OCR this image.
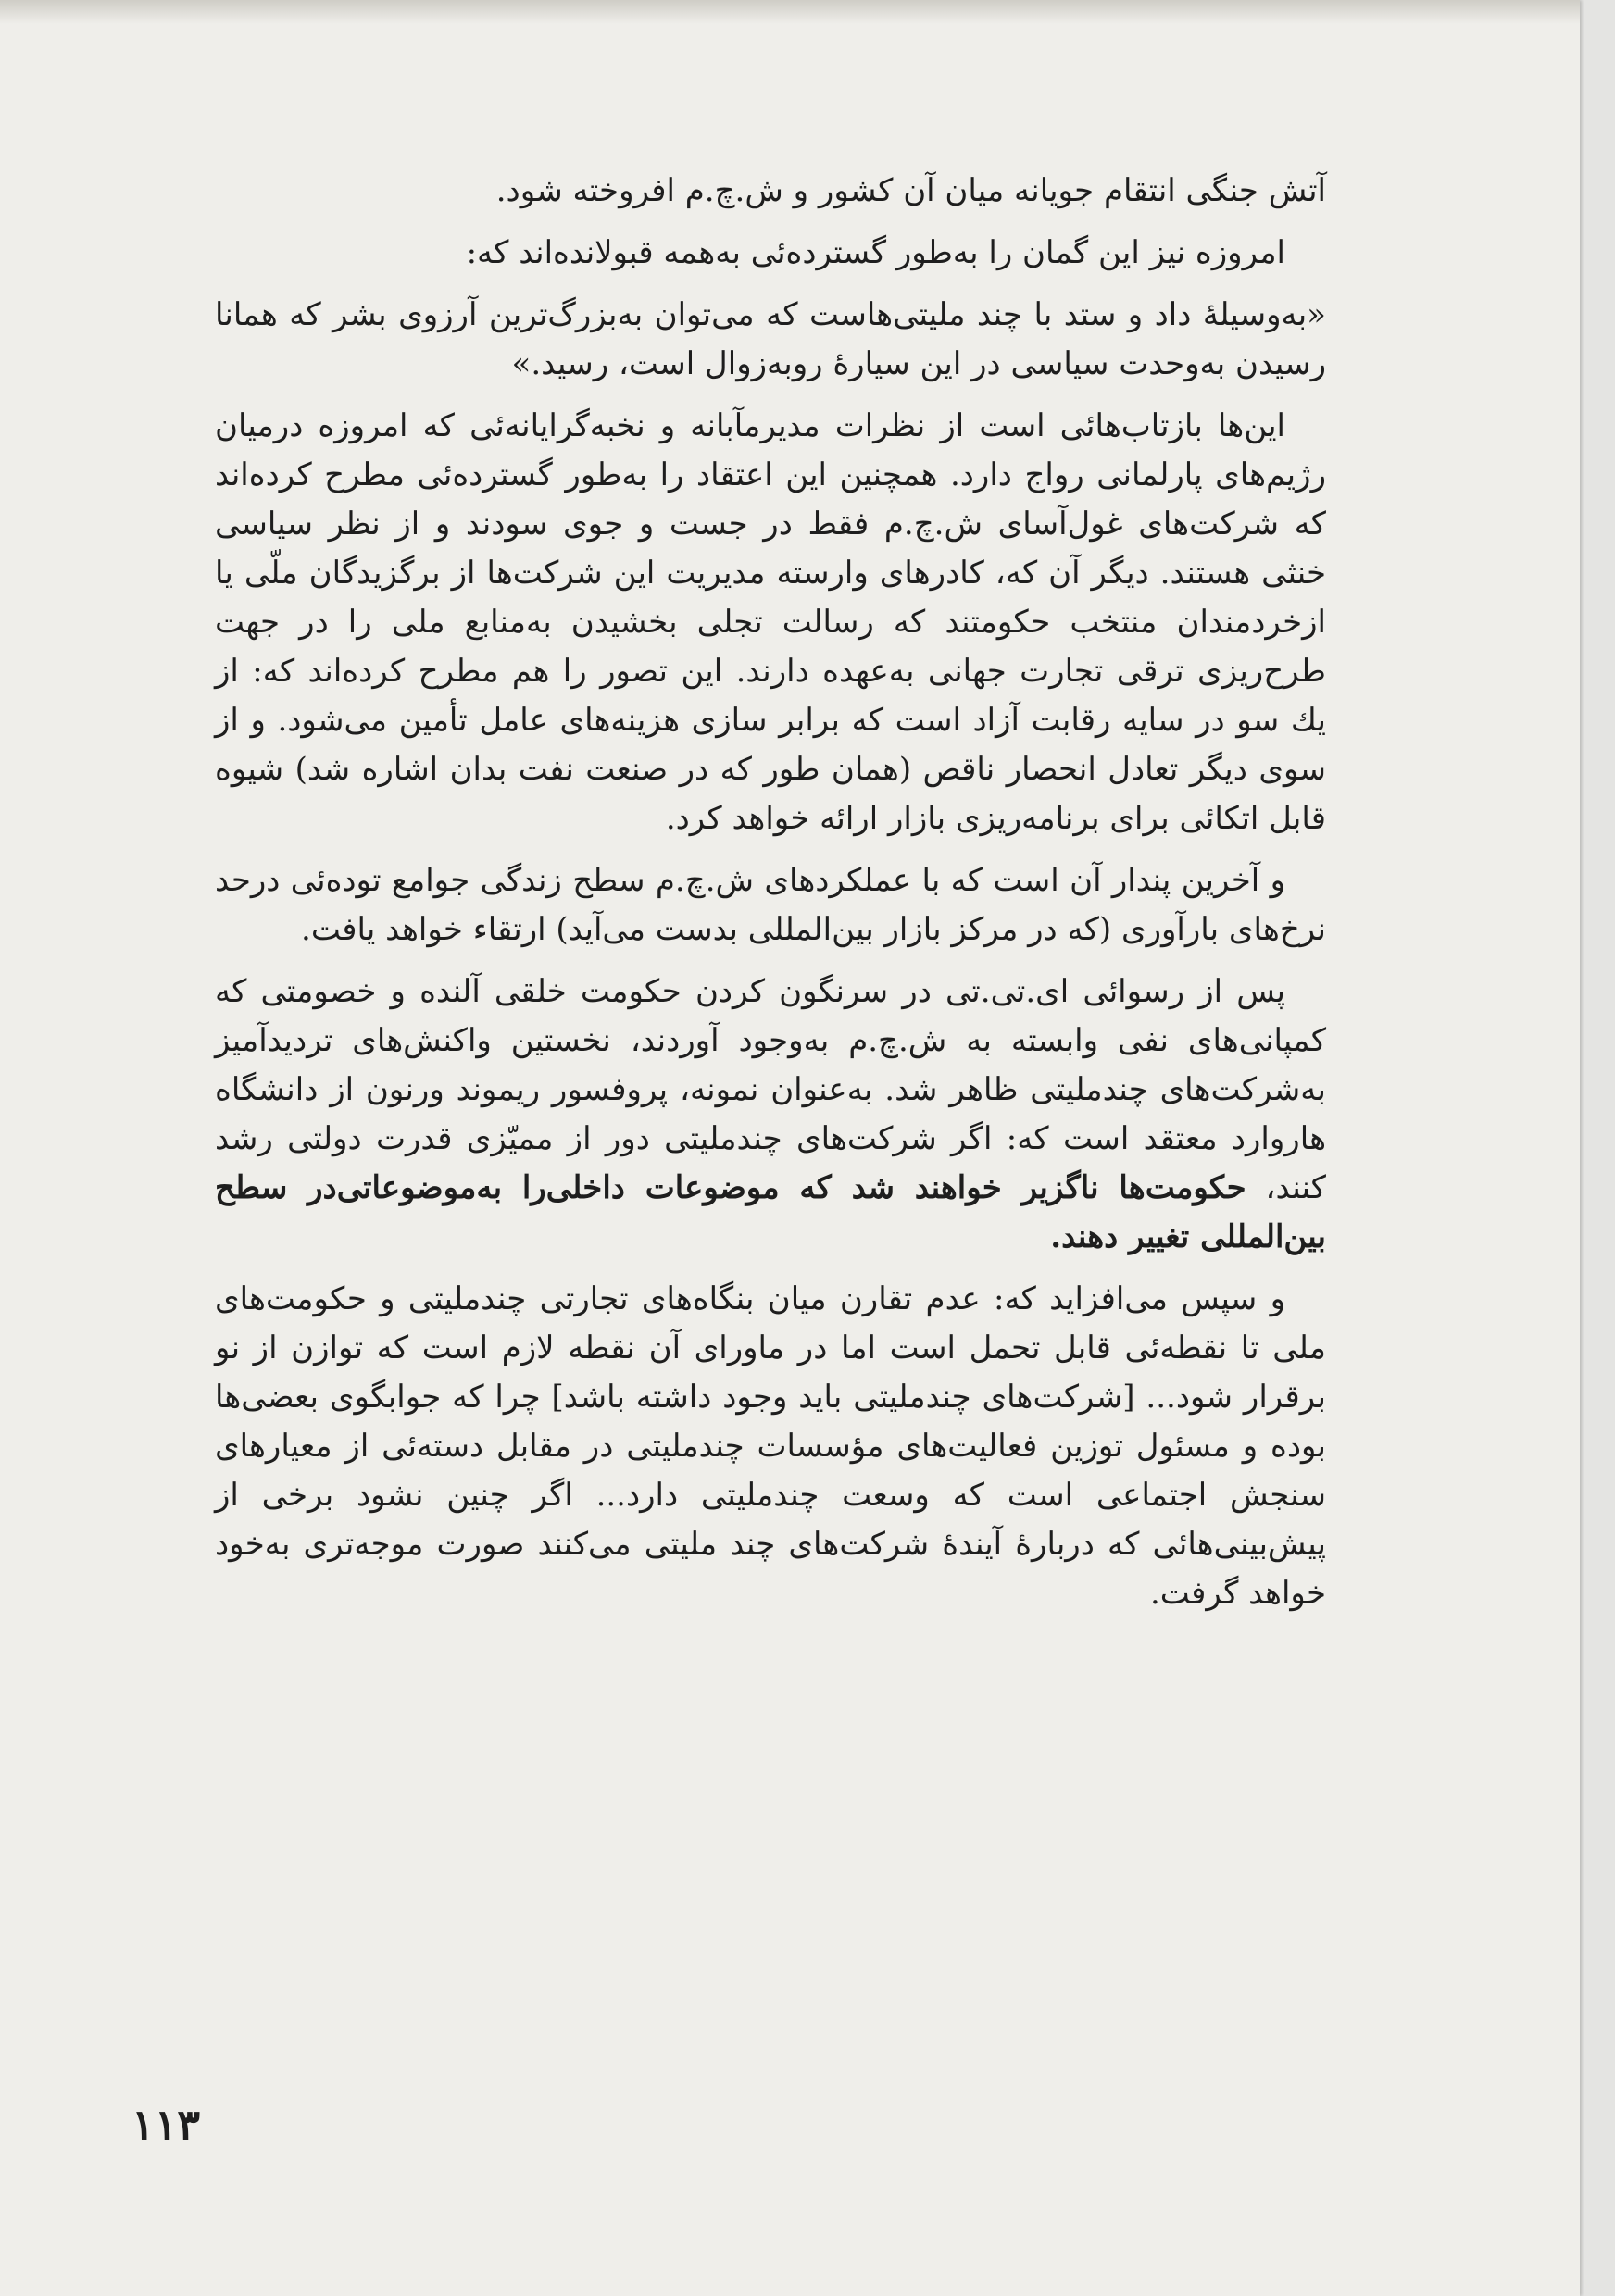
آتش جنگی انتقام جویانه میان آن کشور و ش.چ.م افروخته شود.

امروزه نیز این گمان را به‌طور گسترده‌ئی به‌همه قبولانده‌اند که:

«به‌وسیلهٔ داد و ستد با چند ملیتی‌هاست که می‌توان به‌بزرگ‌ترین آرزوی بشر که همانا رسیدن به‌وحدت سیاسی در این سیارهٔ رو‌به‌زوال است، رسید.»

این‌ها بازتاب‌هائی است از نظرات مدیرمآبانه و نخبه‌گرایانه‌ئی که امروزه درمیان رژیم‌های پارلمانی رواج دارد. همچنین این اعتقاد را به‌طور گسترده‌ئی مطرح کرده‌اند که شرکت‌های غول‌آسای ش.چ.م فقط در جست و جوی سودند و از نظر سیاسی خنثی هستند. دیگر آن که، کادرهای وارسته مدیریت این شرکت‌ها از برگزیدگان ملّی یا ازخردمندان منتخب حکومتند که رسالت تجلی بخشیدن به‌منابع ملی را در جهت طرح‌ریزی ترقی تجارت جهانی به‌عهده دارند. این تصور را هم مطرح کرده‌اند که: از یك سو در سایه رقابت آزاد است که برابر سازی هزینه‌های عامل تأمین می‌شود. و از سوی دیگر تعادل انحصار ناقص (همان طور که در صنعت نفت بدان اشاره شد) شیوه قابل اتکائی برای برنامه‌ریزی بازار ارائه خواهد کرد.

و آخرین پندار آن است که با عملکردهای ش.چ.م سطح زندگی جوامع توده‌ئی درحد نرخ‌های بارآوری (که در مرکز بازار بین‌المللی بدست می‌آید) ارتقاء خواهد یافت.

پس از رسوائی ای.تی.تی در سرنگون کردن حکومت خلقی آلنده و خصومتی که کمپانی‌های نفی وابسته به ش.چ.م به‌وجود آوردند، نخستین واکنش‌های تردیدآمیز به‌شرکت‌های چندملیتی ظاهر شد. به‌عنوان نمونه، پروفسور ریموند ورنون از دانشگاه هاروارد معتقد است که: اگر شرکت‌های چندملیتی دور از ممیّزی قدرت دولتی رشد کنند، حکومت‌ها ناگزیر خواهند شد که موضوعات داخلی‌را به‌موضوعاتی‌در سطح بین‌المللی تغییر دهند.

و سپس می‌افزاید که: عدم تقارن میان بنگاه‌های تجارتی چندملیتی و حکومت‌های ملی تا نقطه‌ئی قابل تحمل است اما در ماورای آن نقطه لازم است که توازن از نو برقرار شود... [شرکت‌های چندملیتی باید وجود داشته باشد] چرا که جوابگوی بعضی‌ها بوده و مسئول توزین فعالیت‌های مؤسسات چندملیتی در مقابل دسته‌ئی از معیارهای سنجش اجتماعی است که وسعت چندملیتی دارد... اگر چنین نشود برخی از پیش‌بینی‌هائی که دربارهٔ آیندهٔ شرکت‌های چند ملیتی می‌کنند صورت موجه‌تری به‌خود خواهد گرفت.

۱۱۳
